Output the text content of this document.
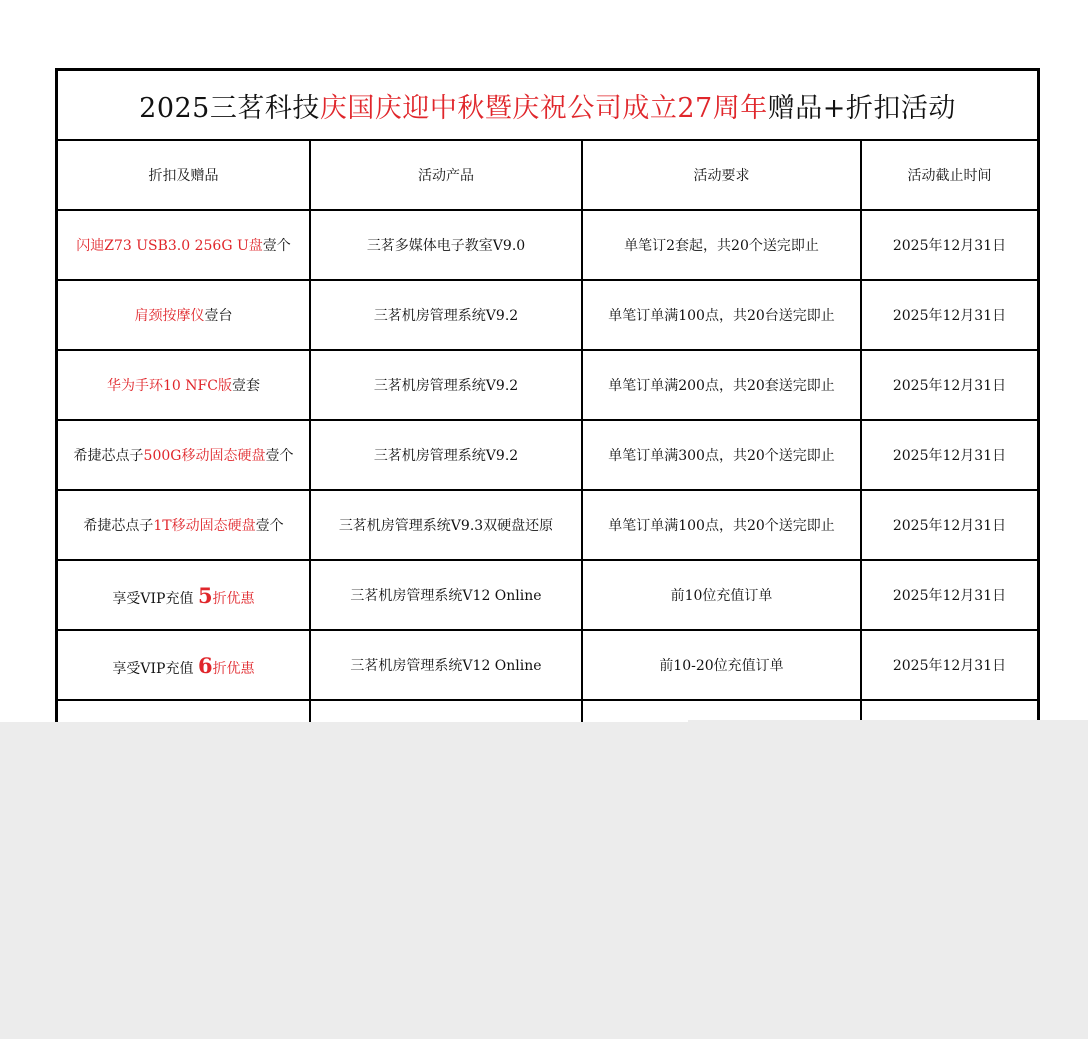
2025三茗科技 庆国庆迎中秋暨庆祝公司成立27周年 赠品+折扣活动
折扣及赠品	活动产品	活动要求	活动截止时间
闪迪Z73 USB3.0 256G U盘壹个	三茗多媒体电子教室V9.0	单笔订2套起，共20个送完即止	2025年12月31日
肩颈按摩仪壹台	三茗机房管理系统V9.2	单笔订单满100点，共20台送完即止	2025年12月31日
华为手环10 NFC版壹套	三茗机房管理系统V9.2	单笔订单满200点，共20套送完即止	2025年12月31日
希捷芯点子500G移动固态硬盘壹个	三茗机房管理系统V9.2	单笔订单满300点，共20个送完即止	2025年12月31日
希捷芯点子1T移动固态硬盘壹个	三茗机房管理系统V9.3双硬盘还原	单笔订单满100点，共20个送完即止	2025年12月31日
享受VIP充值 5折优惠	三茗机房管理系统V12 Online	前10位充值订单	2025年12月31日
享受VIP充值 6折优惠	三茗机房管理系统V12 Online	前10-20位充值订单	2025年12月31日
